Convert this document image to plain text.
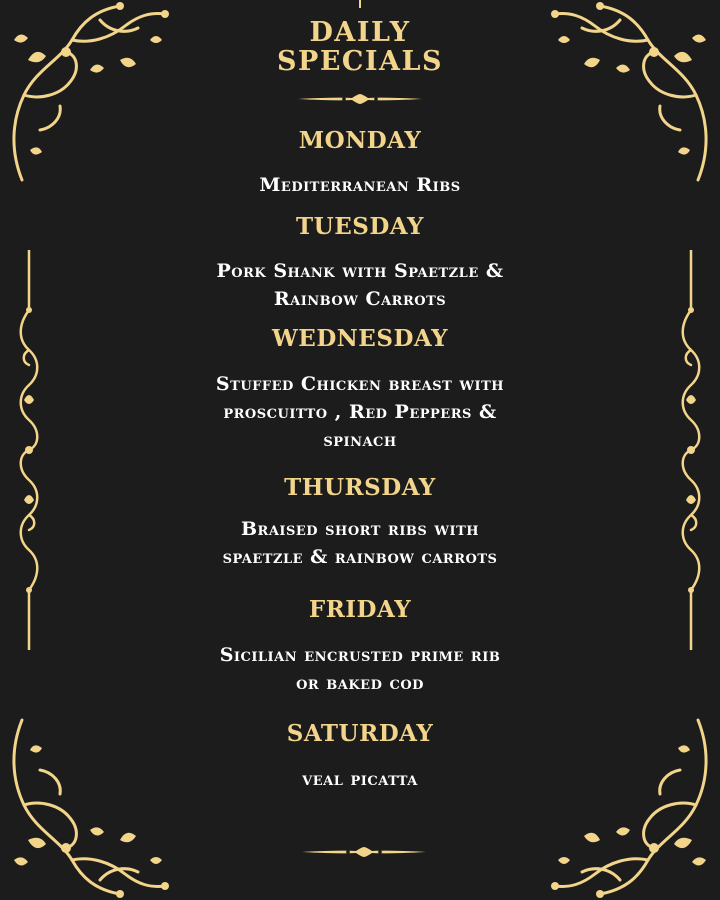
DAILY
SPECIALS
MONDAY
Mediterranean Ribs
TUESDAY
Pork Shank with Spaetzle &
Rainbow Carrots
WEDNESDAY
Stuffed Chicken breast with
proscuitto , Red Peppers &
spinach
THURSDAY
Braised short ribs with
spaetzle & rainbow carrots
FRIDAY
Sicilian encrusted prime rib
or baked cod
SATURDAY
veal picatta
